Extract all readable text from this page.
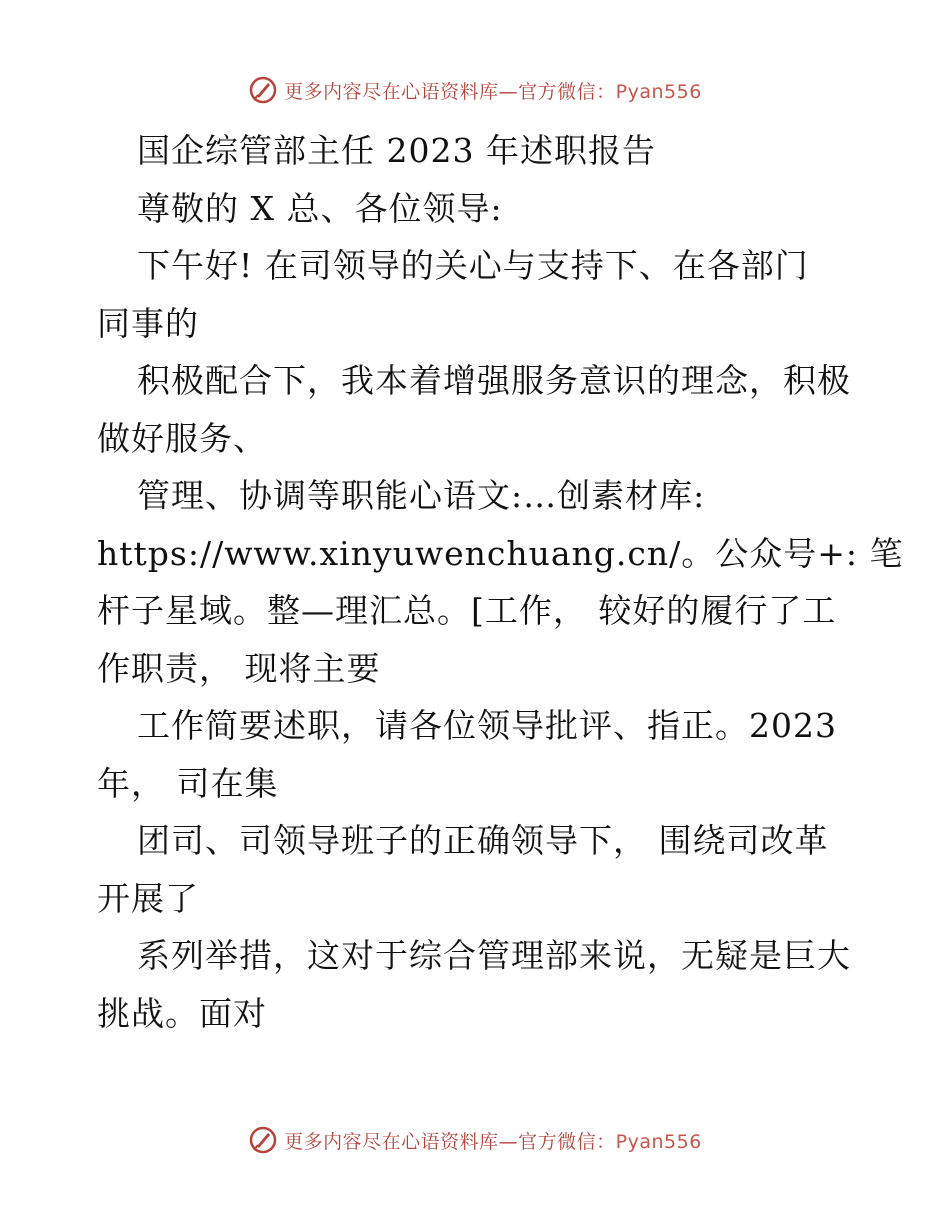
更多内容尽在心语资料库—官方微信：Pyan556
国企综管部主任 2023 年述职报告
尊敬的 X 总、各位领导:
下午好! 在司领导的关心与支持下、在各部门
同事的
积极配合下，我本着增强服务意识的理念，积极
做好服务、
管理、协调等职能心语文:…创素材库:
https://www.xinyuwenchuang.cn/。公众号+: 笔
杆子星域。整—理汇总。[工作， 较好的履行了工
作职责， 现将主要
工作简要述职，请各位领导批评、指正。2023
年， 司在集
团司、司领导班子的正确领导下， 围绕司改革
开展了
系列举措，这对于综合管理部来说，无疑是巨大
挑战。面对
更多内容尽在心语资料库—官方微信：Pyan556
